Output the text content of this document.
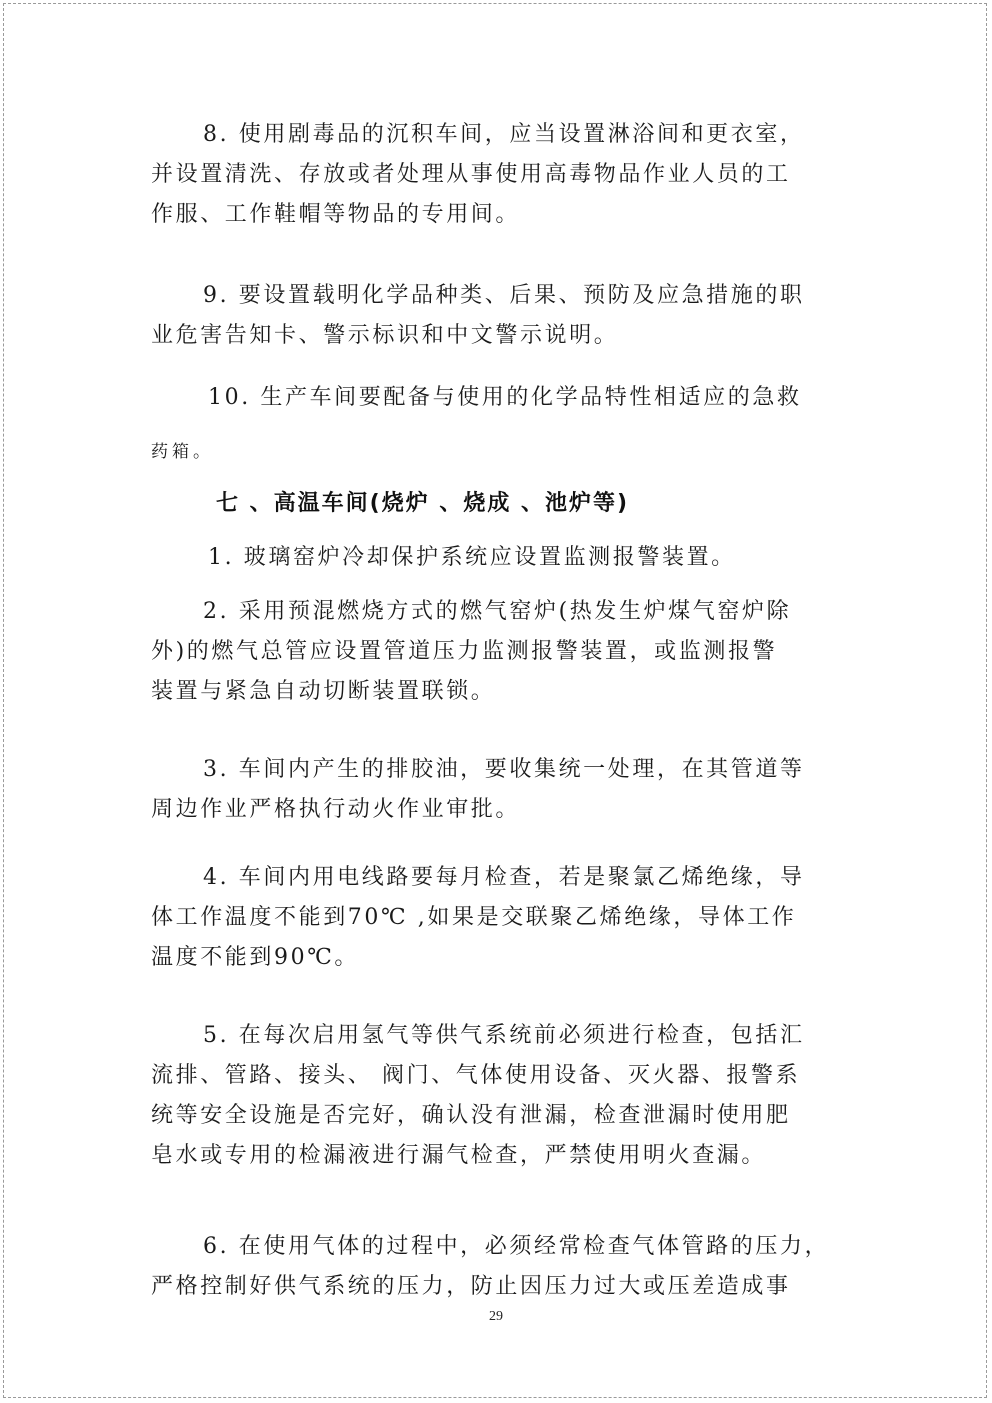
8. 使用剧毒品的沉积车间，应当设置淋浴间和更衣室，
并设置清洗、存放或者处理从事使用高毒物品作业人员的工
作服、工作鞋帽等物品的专用间。

9. 要设置载明化学品种类、后果、预防及应急措施的职
业危害告知卡、警示标识和中文警示说明。

10. 生产车间要配备与使用的化学品特性相适应的急救
药箱。

七 、高温车间(烧炉 、烧成 、池炉等)

1. 玻璃窑炉冷却保护系统应设置监测报警装置。

2. 采用预混燃烧方式的燃气窑炉(热发生炉煤气窑炉除
外)的燃气总管应设置管道压力监测报警装置，或监测报警
装置与紧急自动切断装置联锁。

3. 车间内产生的排胶油，要收集统一处理，在其管道等
周边作业严格执行动火作业审批。

4. 车间内用电线路要每月检查，若是聚氯乙烯绝缘，导
体工作温度不能到70℃ ,如果是交联聚乙烯绝缘，导体工作
温度不能到90℃。

5. 在每次启用氢气等供气系统前必须进行检查，包括汇
流排、管路、接头、 阀门、气体使用设备、灭火器、报警系
统等安全设施是否完好，确认没有泄漏，检查泄漏时使用肥
皂水或专用的检漏液进行漏气检查，严禁使用明火查漏。

6. 在使用气体的过程中，必须经常检查气体管路的压力，
严格控制好供气系统的压力，防止因压力过大或压差造成事

29
